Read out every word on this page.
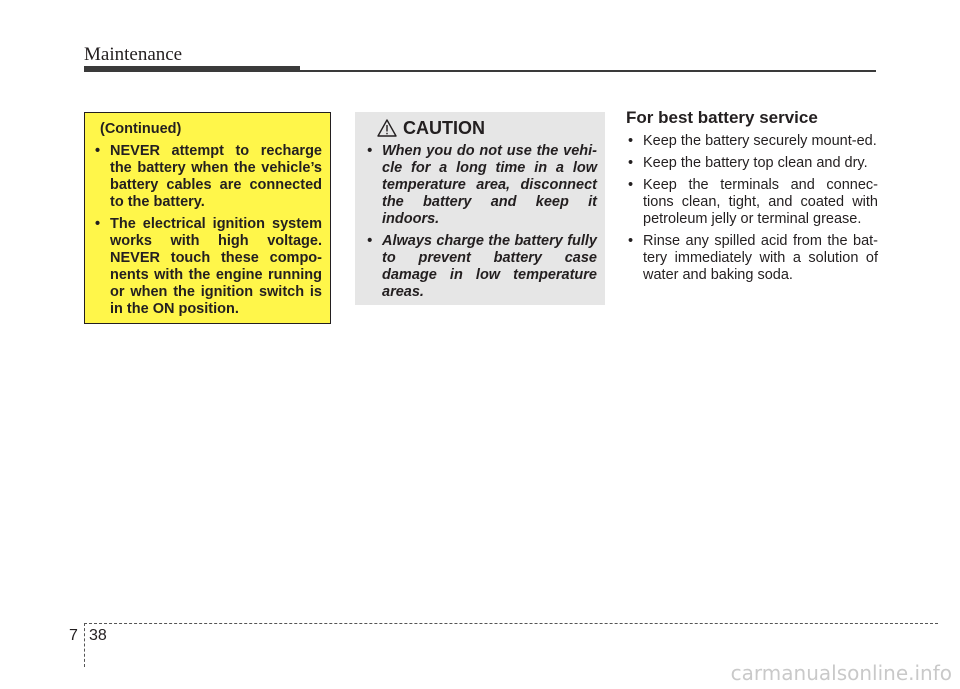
Maintenance
(Continued)
• NEVER attempt to recharge the battery when the vehicle’s battery cables are connected to the battery.
• The electrical ignition system works with high voltage. NEVER touch these compo-nents with the engine running or when the ignition switch is in the ON position.
CAUTION
• When you do not use the vehi-cle for a long time in a low temperature area, disconnect the battery and keep it indoors.
• Always charge the battery fully to prevent battery case damage in low temperature areas.
For best battery service
• Keep the battery securely mount-ed.
• Keep the battery top clean and dry.
• Keep the terminals and connec-tions clean, tight, and coated with petroleum jelly or terminal grease.
• Rinse any spilled acid from the bat-tery immediately with a solution of water and baking soda.
7 38
carmanualsonline.info
